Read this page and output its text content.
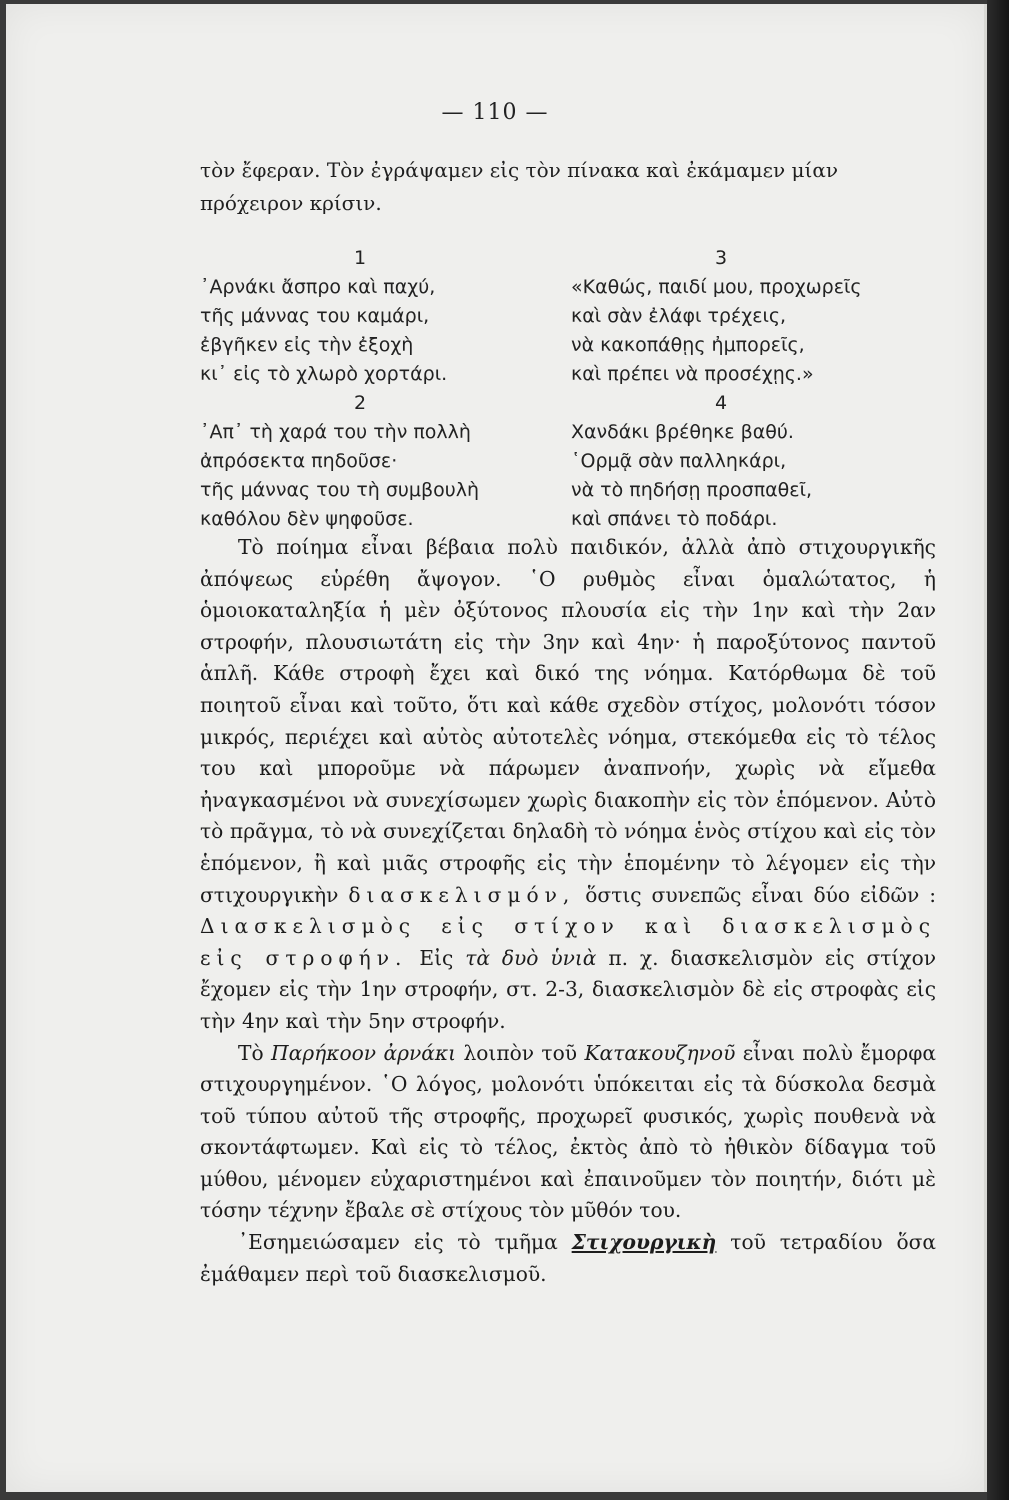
— 110 —

τὸν ἔφεραν. Τὸν ἐγράψαμεν εἰς τὸν πίνακα καὶ ἐκάμαμεν μίαν πρόχειρον κρίσιν.

1
᾿Αρνάκι ἄσπρο καὶ παχύ,
τῆς μάννας του καμάρι,
ἐβγῆκεν εἰς τὴν ἐξοχὴ
κι᾿ εἰς τὸ χλωρὸ χορτάρι.
2
᾿Απ᾿ τὴ χαρά του τὴν πολλὴ
ἀπρόσεκτα πηδοῦσε·
τῆς μάννας του τὴ συμβουλὴ
καθόλου δὲν ψηφοῦσε.
3
«Καθώς, παιδί μου, προχωρεῖς
καὶ σὰν ἐλάφι τρέχεις,
νὰ κακοπάθῃς ἠμπορεῖς,
καὶ πρέπει νὰ προσέχῃς.»
4
Χανδάκι βρέθηκε βαθύ.
῾Ορμᾷ σὰν παλληκάρι,
νὰ τὸ πηδήσῃ προσπαθεῖ,
καὶ σπάνει τὸ ποδάρι.

Τὸ ποίημα εἶναι βέβαια πολὺ παιδικόν, ἀλλὰ ἀπὸ στιχουργικῆς ἀπόψεως εὑρέθη ἄψογον. ῾Ο ρυθμὸς εἶναι ὁμαλώτατος, ἡ ὁμοιοκαταληξία ἡ μὲν ὀξύτονος πλουσία εἰς τὴν 1ην καὶ τὴν 2αν στροφήν, πλουσιωτάτη εἰς τὴν 3ην καὶ 4ην· ἡ παροξύτονος παντοῦ ἁπλῆ. Κάθε στροφὴ ἔχει καὶ δικό της νόημα. Κατόρθωμα δὲ τοῦ ποιητοῦ εἶναι καὶ τοῦτο, ὅτι καὶ κάθε σχεδὸν στίχος, μολονότι τόσον μικρός, περιέχει καὶ αὐτὸς αὐτοτελὲς νόημα, στεκόμεθα εἰς τὸ τέλος του καὶ μποροῦμε νὰ πάρωμεν ἀναπνοήν, χωρὶς νὰ εἴμεθα ἠναγκασμένοι νὰ συνεχίσωμεν χωρὶς διακοπὴν εἰς τὸν ἑπόμενον. Αὐτὸ τὸ πρᾶγμα, τὸ νὰ συνεχίζεται δηλαδὴ τὸ νόημα ἑνὸς στίχου καὶ εἰς τὸν ἑπόμενον, ἢ καὶ μιᾶς στροφῆς εἰς τὴν ἑπομένην τὸ λέγομεν εἰς τὴν στιχουργικὴν διασκελισμόν, ὅστις συνεπῶς εἶναι δύο εἰδῶν : Διασκελισμὸς εἰς στίχον καὶ διασκελισμὸς εἰς στροφήν. Εἰς τὰ δυὸ ὑνιὰ π. χ. διασκελισμὸν εἰς στίχον ἔχομεν εἰς τὴν 1ην στροφήν, στ. 2-3, διασκελισμὸν δὲ εἰς στροφὰς εἰς τὴν 4ην καὶ τὴν 5ην στροφήν.

Τὸ Παρήκοον ἀρνάκι λοιπὸν τοῦ Κατακουζηνοῦ εἶναι πολὺ ἔμορφα στιχουργημένον. ῾Ο λόγος, μολονότι ὑπόκειται εἰς τὰ δύσκολα δεσμὰ τοῦ τύπου αὐτοῦ τῆς στροφῆς, προχωρεῖ φυσικός, χωρὶς πουθενὰ νὰ σκοντάφτωμεν. Καὶ εἰς τὸ τέλος, ἐκτὸς ἀπὸ τὸ ἠθικὸν δίδαγμα τοῦ μύθου, μένομεν εὐχαριστημένοι καὶ ἐπαινοῦμεν τὸν ποιητήν, διότι μὲ τόσην τέχνην ἔβαλε σὲ στίχους τὸν μῦθόν του.

᾿Εσημειώσαμεν εἰς τὸ τμῆμα Στιχουργικὴ τοῦ τετραδίου ὅσα ἐμάθαμεν περὶ τοῦ διασκελισμοῦ.
